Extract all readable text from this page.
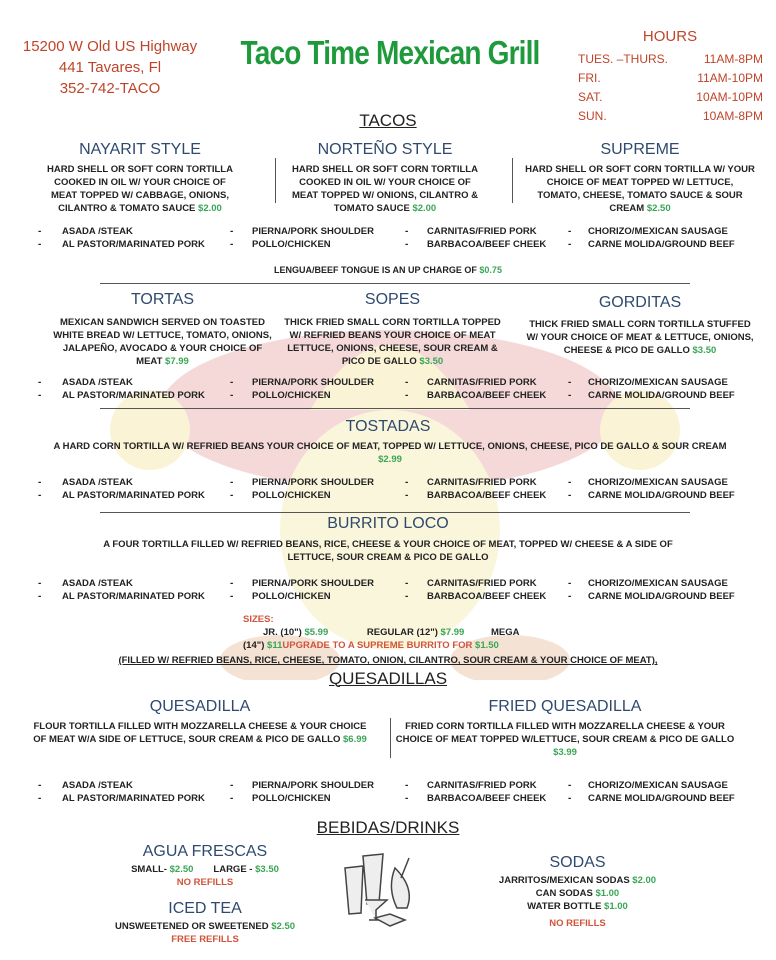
15200 W Old US Highway
441 Tavares, Fl
352-742-TACO
Taco Time Mexican Grill	HOURS
TACOS
LENGUA/BEEF TONGUE IS AN UP CHARGE OF $0.75
TOSTADAS
A HARD CORN TORTILLA W/ REFRIED BEANS YOUR CHOICE OF MEAT, TOPPED W/ LETTUCE, ONIONS, CHEESE, PICO DE GALLO & SOUR CREAM
$2.99
BURRITO LOCO
A FOUR TORTILLA FILLED W/ REFRIED BEANS, RICE, CHEESE & YOUR CHOICE OF MEAT, TOPPED W/ CHEESE & A SIDE OF LETTUCE, SOUR CREAM & PICO DE GALLO
SIZES:
JR. (10") $5.99	REGULAR (12") $7.99	MEGA
(14") $11UPGRADE TO A SUPREME BURRITO FOR $1.50
(FILLED W/ REFRIED BEANS, RICE, CHEESE, TOMATO, ONION, CILANTRO, SOUR CREAM & YOUR CHOICE OF MEAT),
QUESADILLAS
BEBIDAS/DRINKS
AGUA FRESCAS
SMALL- $2.50 LARGE - $3.50
NO REFILLS
ICED TEA
UNSWEETENED OR SWEETENED $2.50
FREE REFILLS
SODAS
JARRITOS/MEXICAN SODAS $2.00
CAN SODAS $1.00
WATER BOTTLE $1.00
NO REFILLS
TUES. –THURS.	11AM-8PM
FRI.	11AM-10PM
SAT.	10AM-10PM
SUN.	10AM-8PM
NAYARIT STYLE
HARD SHELL OR SOFT CORN TORTILLA COOKED IN OIL W/ YOUR CHOICE OF MEAT TOPPED W/ CABBAGE, ONIONS, CILANTRO & TOMATO SAUCE $2.00
NORTEÑO STYLE
HARD SHELL OR SOFT CORN TORTILLA COOKED IN OIL W/ YOUR CHOICE OF MEAT TOPPED W/ ONIONS, CILANTRO & TOMATO SAUCE $2.00
SUPREME
HARD SHELL OR SOFT CORN TORTILLA W/ YOUR CHOICE OF MEAT TOPPED W/ LETTUCE, TOMATO, CHEESE, TOMATO SAUCE & SOUR CREAM $2.50
TORTAS
MEXICAN SANDWICH SERVED ON TOASTED WHITE BREAD W/ LETTUCE, TOMATO, ONIONS, JALAPEÑO, AVOCADO & YOUR CHOICE OF MEAT $7.99
SOPES
THICK FRIED SMALL CORN TORTILLA TOPPED W/ REFRIED BEANS YOUR CHOICE OF MEAT LETTUCE, ONIONS, CHEESE, SOUR CREAM & PICO DE GALLO $3.50
GORDITAS
THICK FRIED SMALL CORN TORTILLA STUFFED W/ YOUR CHOICE OF MEAT & LETTUCE, ONIONS, CHEESE & PICO DE GALLO $3.50
QUESADILLA
FLOUR TORTILLA FILLED WITH MOZZARELLA CHEESE & YOUR CHOICE OF MEAT W/A SIDE OF LETTUCE, SOUR CREAM & PICO DE GALLO $6.99
FRIED QUESADILLA
FRIED CORN TORTILLA FILLED WITH MOZZARELLA CHEESE & YOUR CHOICE OF MEAT TOPPED W/LETTUCE, SOUR CREAM & PICO DE GALLO $3.99
- ASADA /STEAK
- AL PASTOR/MARINATED PORK
- PIERNA/PORK SHOULDER
- POLLO/CHICKEN
- CARNITAS/FRIED PORK
- BARBACOA/BEEF CHEEK
- CHORIZO/MEXICAN SAUSAGE
- CARNE MOLIDA/GROUND BEEF
- ASADA /STEAK
- AL PASTOR/MARINATED PORK
- PIERNA/PORK SHOULDER
- POLLO/CHICKEN
- CARNITAS/FRIED PORK
- BARBACOA/BEEF CHEEK
- CHORIZO/MEXICAN SAUSAGE
- CARNE MOLIDA/GROUND BEEF
- ASADA /STEAK
- AL PASTOR/MARINATED PORK
- PIERNA/PORK SHOULDER
- POLLO/CHICKEN
- CARNITAS/FRIED PORK
- BARBACOA/BEEF CHEEK
- CHORIZO/MEXICAN SAUSAGE
- CARNE MOLIDA/GROUND BEEF
- ASADA /STEAK
- AL PASTOR/MARINATED PORK
- PIERNA/PORK SHOULDER
- POLLO/CHICKEN
- CARNITAS/FRIED PORK
- BARBACOA/BEEF CHEEK
- CHORIZO/MEXICAN SAUSAGE
- CARNE MOLIDA/GROUND BEEF
- ASADA /STEAK
- AL PASTOR/MARINATED PORK
- PIERNA/PORK SHOULDER
- POLLO/CHICKEN
- CARNITAS/FRIED PORK
- BARBACOA/BEEF CHEEK
- CHORIZO/MEXICAN SAUSAGE
- CARNE MOLIDA/GROUND BEEF
